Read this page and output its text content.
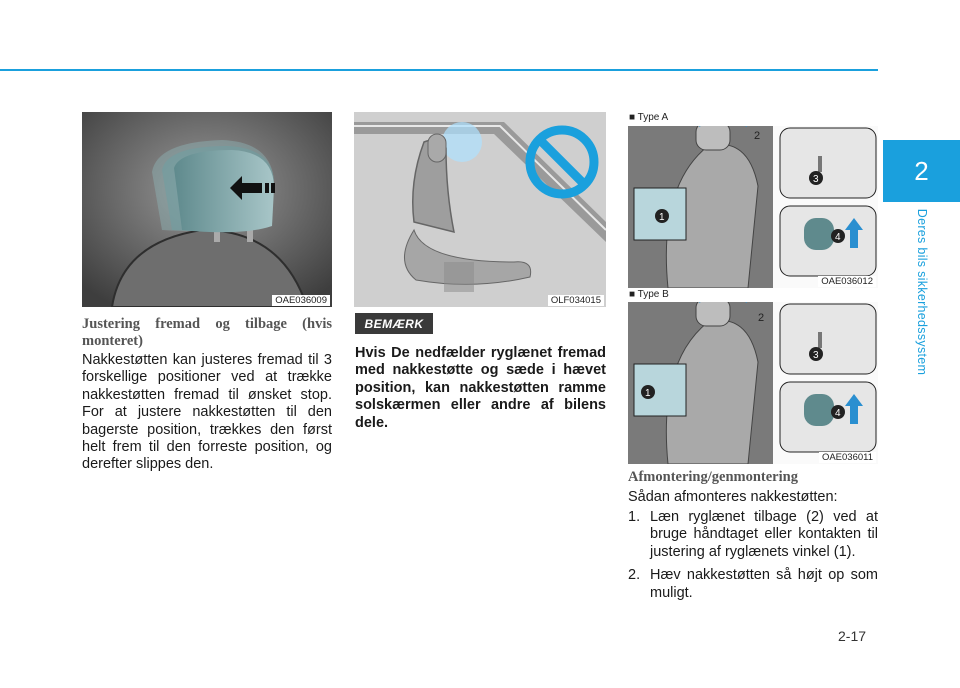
2
Deres bils sikkerhedssystem
OAE036009	OLF034015
■ Type A
2
1
3
4
OAE036012
■ Type B
2
1
3
4
OAE036011
Justering fremad og tilbage (hvis monteret)
Nakkestøtten kan justeres fremad til 3 forskellige positioner ved at trække nakkestøtten fremad til ønsket stop. For at justere nakkestøtten til den bagerste position, trækkes den først helt frem til den forreste position, og derefter slippes den.
BEMÆRK
Hvis De nedfælder ryglænet fremad med nakkestøtte og sæde i hævet position, kan nakkestøtten ramme solskærmen eller andre af bilens dele.
Afmontering/genmontering
Sådan afmonteres nakkestøtten:
1. Læn ryglænet tilbage (2) ved at bruge håndtaget eller kontakten til justering af ryglænets vinkel (1).
2. Hæv nakkestøtten så højt op som muligt.
2-17
